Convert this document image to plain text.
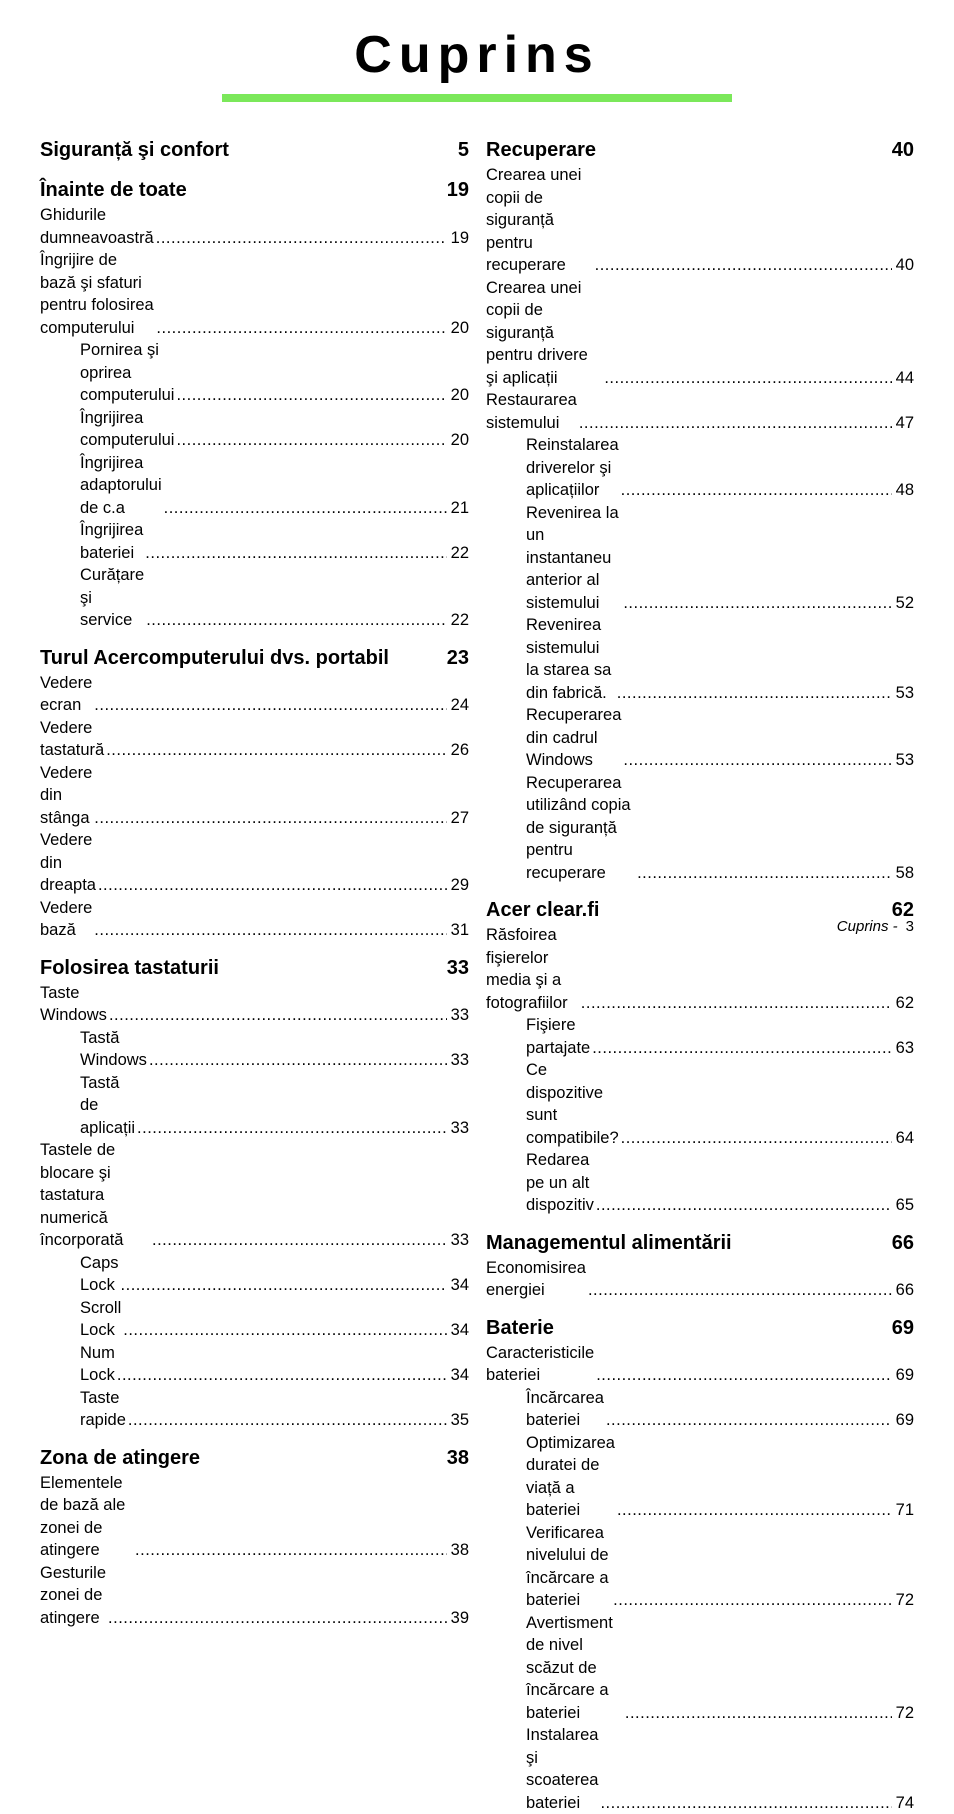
Cuprins
Siguranță şi confort	5
Înainte de toate	19
Ghidurile dumneavoastră .....	19
Îngrijire de bază şi sfaturi pentru folosirea computerului .....	20
Pornirea şi oprirea computerului .....	20
Îngrijirea computerului .....	20
Îngrijirea adaptorului de c.a .....	21
Îngrijirea bateriei .....	22
Curățare şi service .....	22
Turul Acercomputerului dvs. portabil	23
Vedere ecran .....	24
Vedere tastatură .....	26
Vedere din stânga .....	27
Vedere din dreapta .....	29
Vedere bază .....	31
Folosirea tastaturii	33
Taste Windows .....	33
Tastă Windows .....	33
Tastă de aplicații .....	33
Tastele de blocare şi tastatura numerică încorporată .....	33
Caps Lock .....	34
Scroll Lock .....	34
Num Lock .....	34
Taste rapide .....	35
Zona de atingere	38
Elementele de bază ale zonei de atingere .....	38
Gesturile zonei de atingere .....	39
Recuperare	40
Crearea unei copii de siguranță pentru recuperare .....	40
Crearea unei copii de siguranță pentru drivere şi aplicații .....	44
Restaurarea sistemului .....	47
Reinstalarea driverelor şi aplicațiilor .....	48
Revenirea la un instantaneu anterior al sistemului .....	52
Revenirea sistemului la starea sa din fabrică. .....	53
Recuperarea din cadrul Windows .....	53
Recuperarea utilizând copia de siguranță pentru recuperare .....	58
Acer clear.fi	62
Răsfoirea fişierelor media şi a fotografiilor .....	62
Fişiere partajate .....	63
Ce dispozitive sunt compatibile? .....	64
Redarea pe un alt dispozitiv .....	65
Managementul alimentării	66
Economisirea energiei .....	66
Baterie	69
Caracteristicile bateriei .....	69
Încărcarea bateriei .....	69
Optimizarea duratei de viață a bateriei .....	71
Verificarea nivelului de încărcare a bateriei .....	72
Avertisment de nivel scăzut de încărcare a bateriei .....	72
Instalarea şi scoaterea bateriei .....	74
Cuprins - 3
